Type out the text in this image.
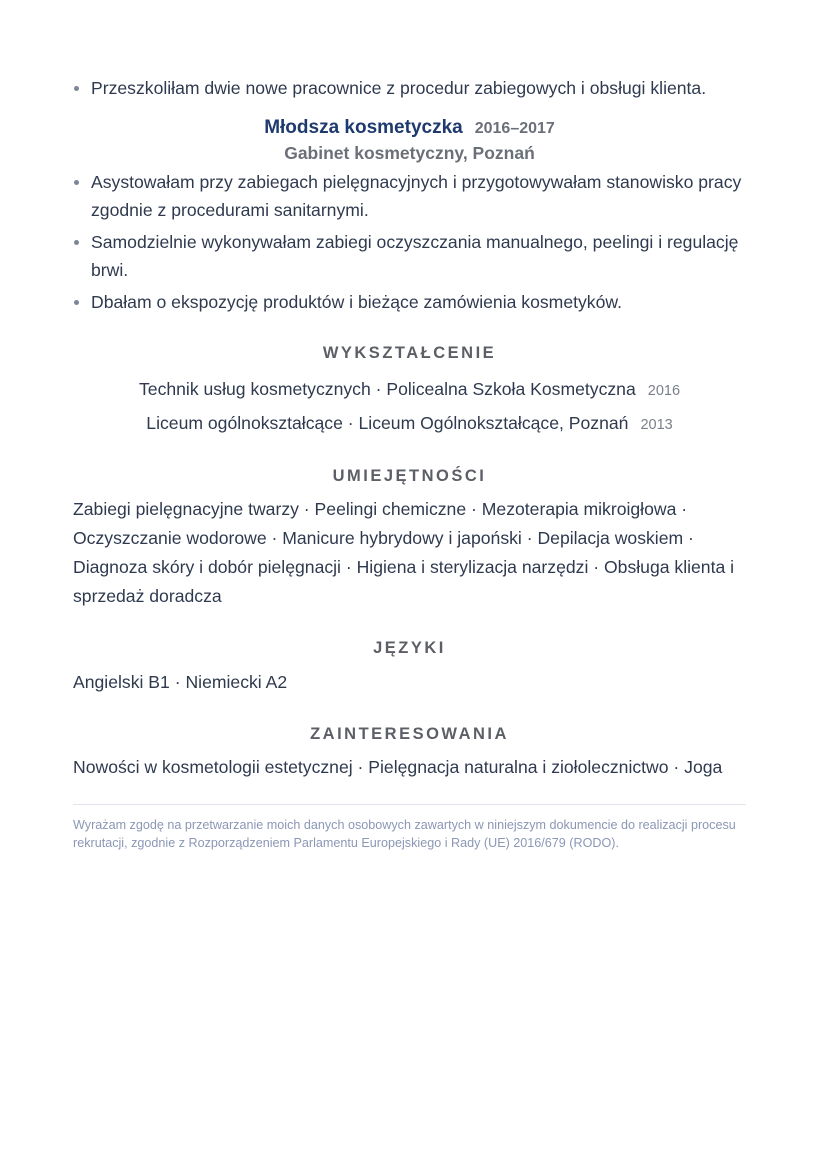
Przeszkoliłam dwie nowe pracownice z procedur zabiegowych i obsługi klienta.
Młodsza kosmetyczka 2016–2017
Gabinet kosmetyczny, Poznań
Asystowałam przy zabiegach pielęgnacyjnych i przygotowywałam stanowisko pracy zgodnie z procedurami sanitarnymi.
Samodzielnie wykonywałam zabiegi oczyszczania manualnego, peelingi i regulację brwi.
Dbałam o ekspozycję produktów i bieżące zamówienia kosmetyków.
WYKSZTAŁCENIE
Technik usług kosmetycznych · Policealna Szkoła Kosmetyczna 2016
Liceum ogólnokształcące · Liceum Ogólnokształcące, Poznań 2013
UMIEJĘTNOŚCI
Zabiegi pielęgnacyjne twarzy · Peelingi chemiczne · Mezoterapia mikroigłowa · Oczyszczanie wodorowe · Manicure hybrydowy i japoński · Depilacja woskiem · Diagnoza skóry i dobór pielęgnacji · Higiena i sterylizacja narzędzi · Obsługa klienta i sprzedaż doradcza
JĘZYKI
Angielski B1 · Niemiecki A2
ZAINTERESOWANIA
Nowości w kosmetologii estetycznej · Pielęgnacja naturalna i ziołolecznictwo · Joga
Wyrażam zgodę na przetwarzanie moich danych osobowych zawartych w niniejszym dokumencie do realizacji procesu rekrutacji, zgodnie z Rozporządzeniem Parlamentu Europejskiego i Rady (UE) 2016/679 (RODO).
